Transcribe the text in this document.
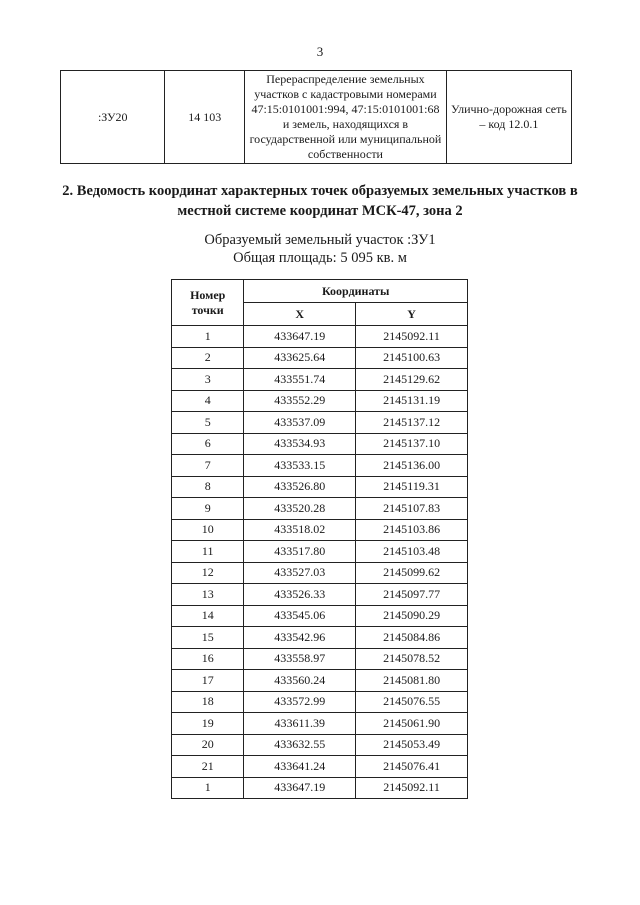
3
:ЗУ20	14 103	Перераспределение земельных участков с кадастровыми номерами 47:15:0101001:994, 47:15:0101001:68 и земель, находящихся в государственной или муниципальной собственности	Улично-дорожная сеть – код 12.0.1
2. Ведомость координат характерных точек образуемых земельных участков в местной системе координат МСК-47, зона 2
Образуемый земельный участок :ЗУ1
Общая площадь: 5 095 кв. м
Номер точки	Координаты	
	X	Y
1	433647.19	2145092.11
2	433625.64	2145100.63
3	433551.74	2145129.62
4	433552.29	2145131.19
5	433537.09	2145137.12
6	433534.93	2145137.10
7	433533.15	2145136.00
8	433526.80	2145119.31
9	433520.28	2145107.83
10	433518.02	2145103.86
11	433517.80	2145103.48
12	433527.03	2145099.62
13	433526.33	2145097.77
14	433545.06	2145090.29
15	433542.96	2145084.86
16	433558.97	2145078.52
17	433560.24	2145081.80
18	433572.99	2145076.55
19	433611.39	2145061.90
20	433632.55	2145053.49
21	433641.24	2145076.41
1	433647.19	2145092.11
